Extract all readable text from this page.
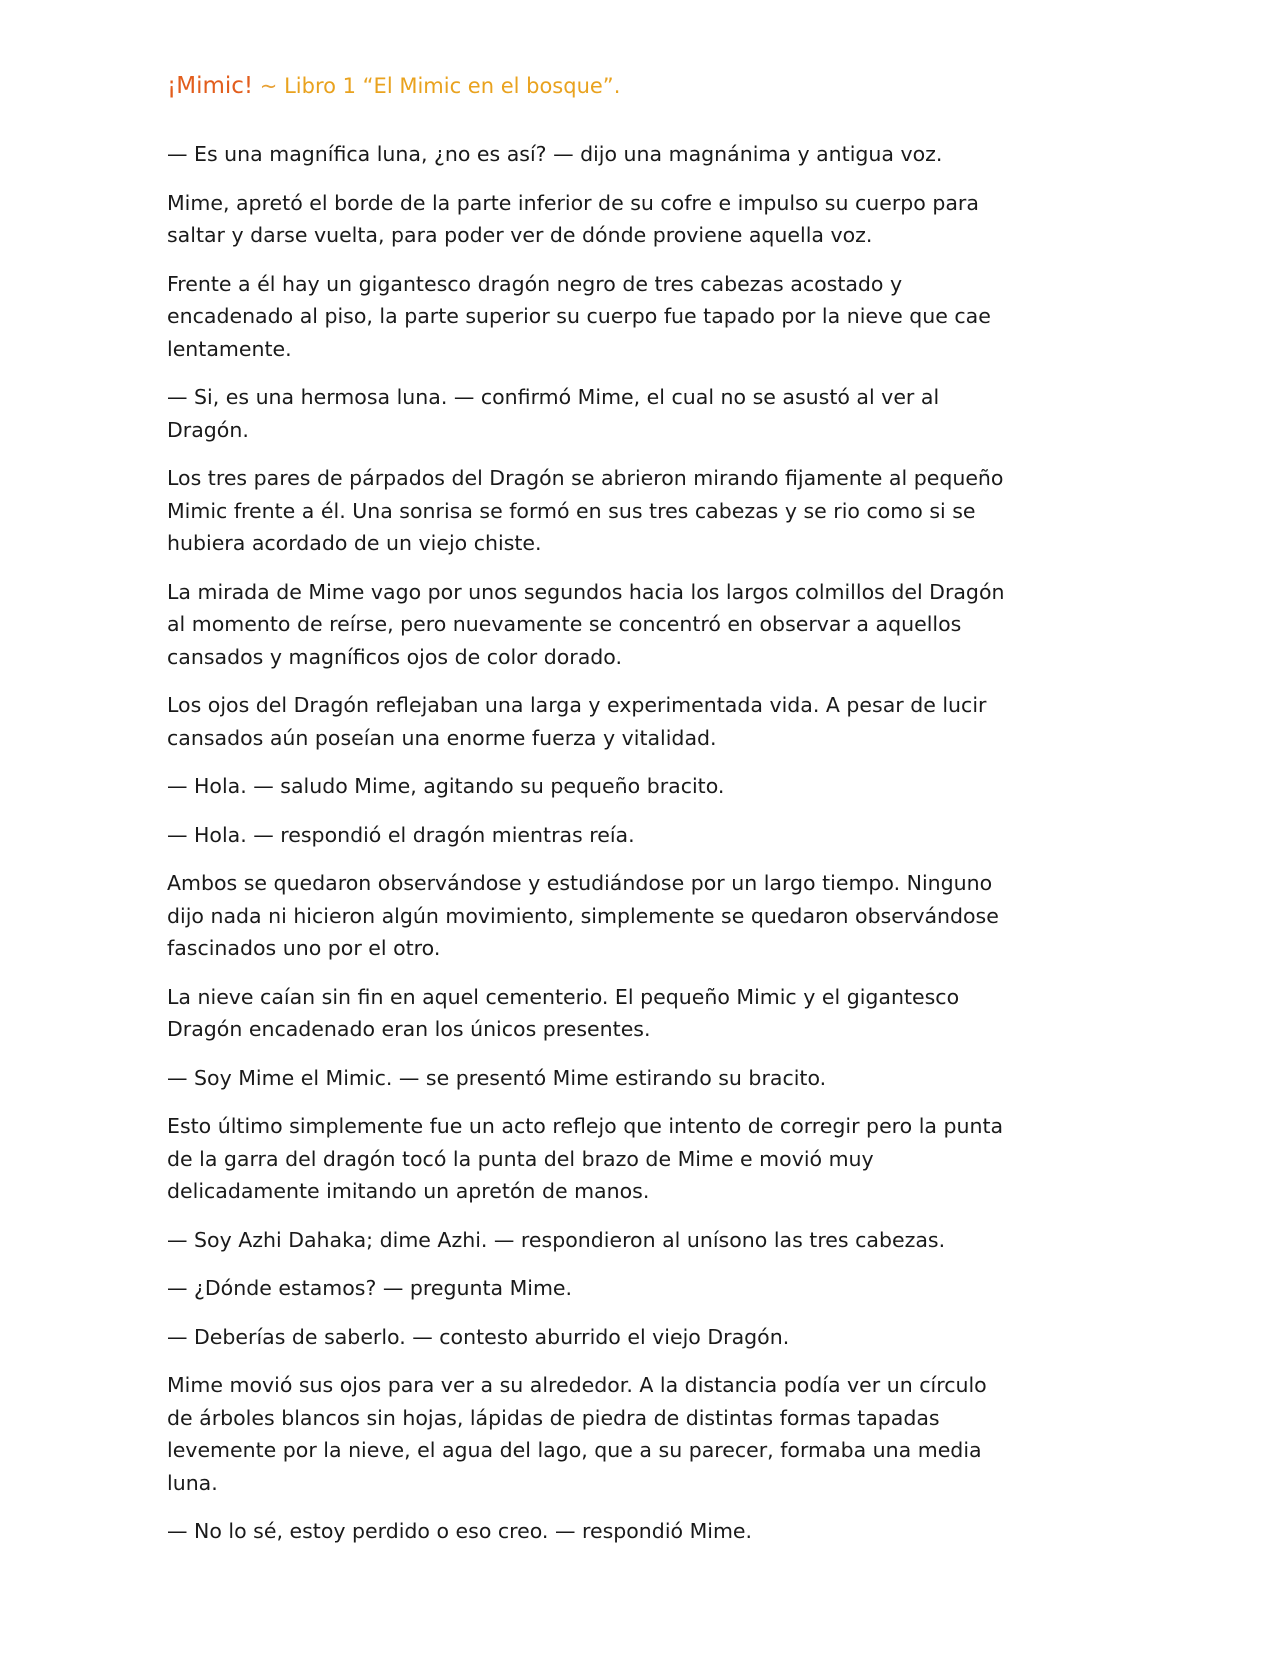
¡Mimic! ~ Libro 1 “El Mimic en el bosque”.

— Es una magnífica luna, ¿no es así? — dijo una magnánima y antigua voz.

Mime, apretó el borde de la parte inferior de su cofre e impulso su cuerpo para saltar y darse vuelta, para poder ver de dónde proviene aquella voz.

Frente a él hay un gigantesco dragón negro de tres cabezas acostado y encadenado al piso, la parte superior su cuerpo fue tapado por la nieve que cae lentamente.

— Si, es una hermosa luna. — confirmó Mime, el cual no se asustó al ver al Dragón.

Los tres pares de párpados del Dragón se abrieron mirando fijamente al pequeño Mimic frente a él. Una sonrisa se formó en sus tres cabezas y se rio como si se hubiera acordado de un viejo chiste.

La mirada de Mime vago por unos segundos hacia los largos colmillos del Dragón al momento de reírse, pero nuevamente se concentró en observar a aquellos cansados y magníficos ojos de color dorado.

Los ojos del Dragón reflejaban una larga y experimentada vida. A pesar de lucir cansados aún poseían una enorme fuerza y vitalidad.

— Hola. — saludo Mime, agitando su pequeño bracito.

— Hola. — respondió el dragón mientras reía.

Ambos se quedaron observándose y estudiándose por un largo tiempo. Ninguno dijo nada ni hicieron algún movimiento, simplemente se quedaron observándose fascinados uno por el otro.

La nieve caían sin fin en aquel cementerio. El pequeño Mimic y el gigantesco Dragón encadenado eran los únicos presentes.

— Soy Mime el Mimic. — se presentó Mime estirando su bracito.

Esto último simplemente fue un acto reflejo que intento de corregir pero la punta de la garra del dragón tocó la punta del brazo de Mime e movió muy delicadamente imitando un apretón de manos.

— Soy Azhi Dahaka; dime Azhi. — respondieron al unísono las tres cabezas.

— ¿Dónde estamos? — pregunta Mime.

— Deberías de saberlo. — contesto aburrido el viejo Dragón.

Mime movió sus ojos para ver a su alrededor. A la distancia podía ver un círculo de árboles blancos sin hojas, lápidas de piedra de distintas formas tapadas levemente por la nieve, el agua del lago, que a su parecer, formaba una media luna.

— No lo sé, estoy perdido o eso creo. — respondió Mime.
